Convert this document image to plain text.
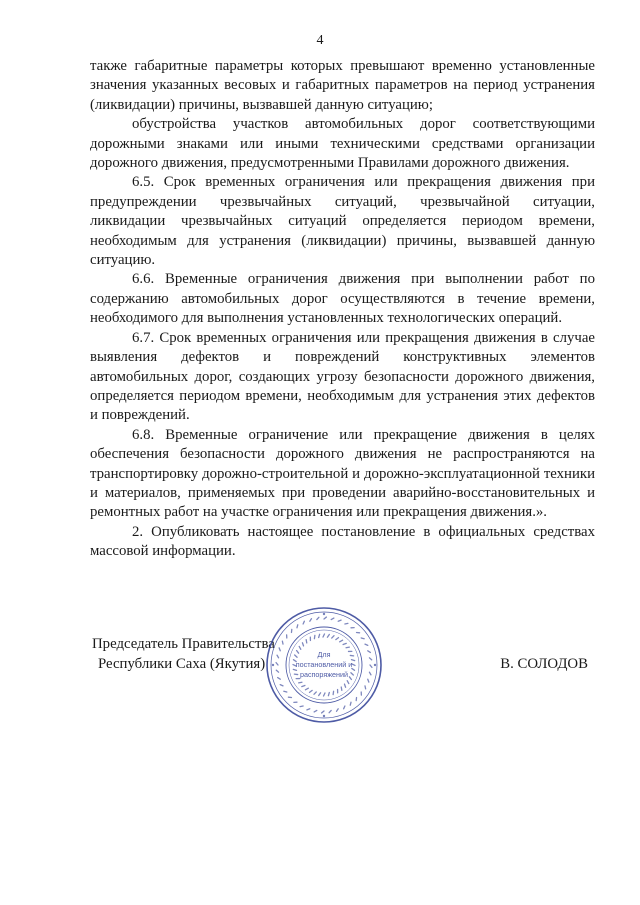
4

также габаритные параметры которых превышают временно установленные значения указанных весовых и габаритных параметров на период устранения (ликвидации) причины, вызвавшей данную ситуацию;

обустройства участков автомобильных дорог соответствующими дорожными знаками или иными техническими средствами организации дорожного движения, предусмотренными Правилами дорожного движения.

6.5. Срок временных ограничения или прекращения движения при предупреждении чрезвычайных ситуаций, чрезвычайной ситуации, ликвидации чрезвычайных ситуаций определяется периодом времени, необходимым для устранения (ликвидации) причины, вызвавшей данную ситуацию.

6.6. Временные ограничения движения при выполнении работ по содержанию автомобильных дорог осуществляются в течение времени, необходимого для выполнения установленных технологических операций.

6.7. Срок временных ограничения или прекращения движения в случае выявления дефектов и повреждений конструктивных элементов автомобильных дорог, создающих угрозу безопасности дорожного движения, определяется периодом времени, необходимым для устранения этих дефектов и повреждений.

6.8. Временные ограничение или прекращение движения в целях обеспечения безопасности дорожного движения не распространяются на транспортировку дорожно-строительной и дорожно-эксплуатационной техники и материалов, применяемых при проведении аварийно-восстановительных и ремонтных работ на участке ограничения или прекращения движения.».

2. Опубликовать настоящее постановление в официальных средствах массовой информации.

Председатель Правительства
Республики Саха (Якутия)	В. СОЛОДОВ
Для
постановлений и
распоряжений
